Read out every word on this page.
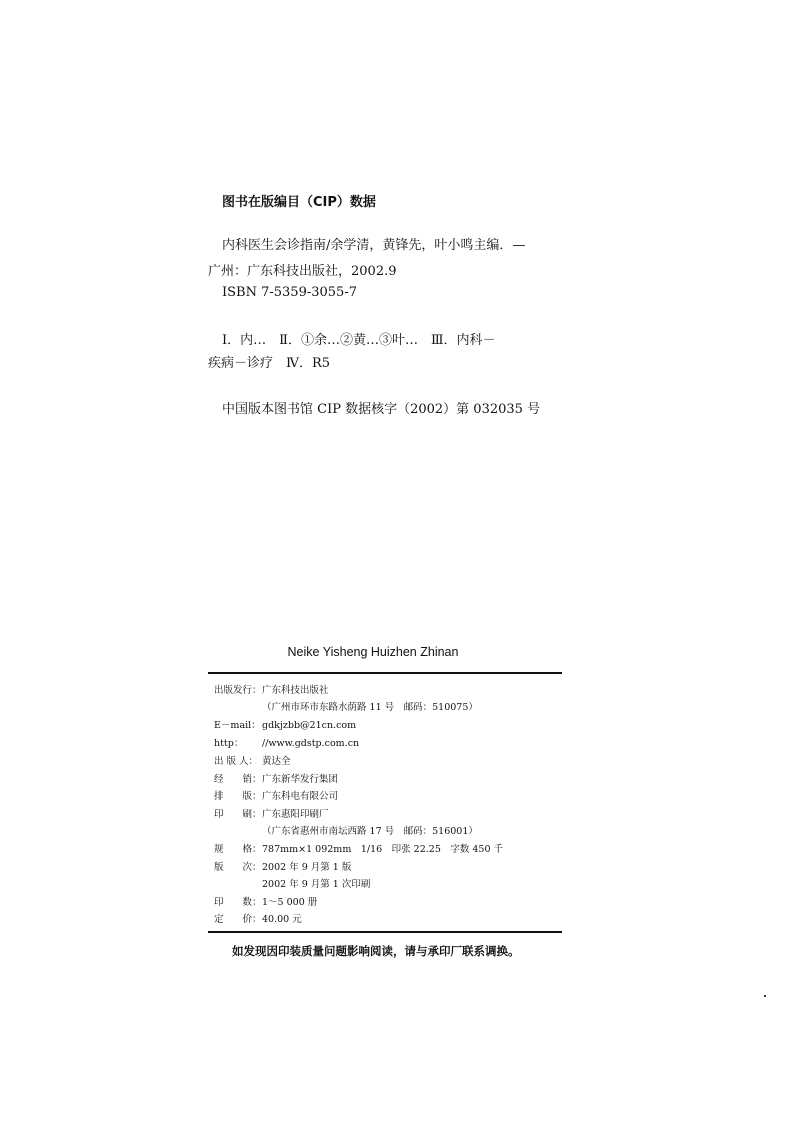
图书在版编目（CIP）数据
内科医生会诊指南/余学清，黄锋先，叶小鸣主编．—
广州：广东科技出版社，2002.9
ISBN 7-5359-3055-7
Ⅰ．内…　Ⅱ．①余…②黄…③叶…　Ⅲ．内科－
疾病－诊疗　Ⅳ．R5
中国版本图书馆 CIP 数据核字（2002）第 032035 号
Neike Yisheng Huizhen Zhinan
出版发行：广东科技出版社
（广州市环市东路水荫路 11 号　邮码：510075）
E－mail：gdkjzbb@21cn.com
http： //www.gdstp.com.cn
出 版 人： 黄达全
经　　销：广东新华发行集团
排　　版：广东科电有限公司
印　　刷：广东惠阳印刷厂
（广东省惠州市南坛西路 17 号　邮码：516001）
规　　格：787mm×1 092mm　1/16　印张 22.25　字数 450 千
版　　次：2002 年 9 月第 1 版
2002 年 9 月第 1 次印刷
印　　数：1～5 000 册
定　　价：40.00 元
如发现因印装质量问题影响阅读，请与承印厂联系调换。
